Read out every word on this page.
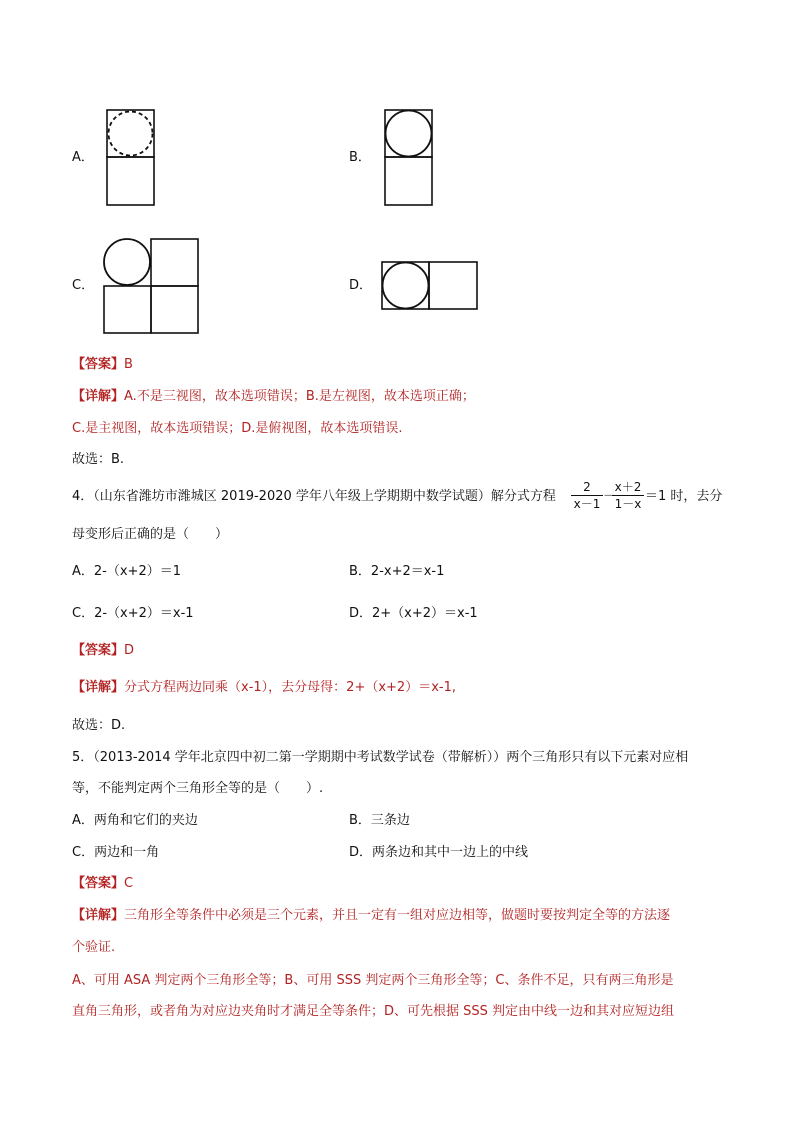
A．	B．
C．	D．
【答案】B
【详解】A.不是三视图，故本选项错误；B.是左视图，故本选项正确；
C.是主视图，故本选项错误；D.是俯视图，故本选项错误.
故选：B.
4．（山东省潍坊市潍城区 2019-2020 学年八年级上学期期中数学试题）解分式方程
2
x－1 －
x＋2
1－x ＝1 时，去分
母变形后正确的是（　　）
A．2-（x+2）＝1	B．2-x+2＝x-1
C．2-（x+2）＝x-1	D．2+（x+2）＝x-1
【答案】D
【详解】分式方程两边同乘（x-1），去分母得：2+（x+2）＝x-1,
故选：D.
5．（2013-2014 学年北京四中初二第一学期期中考试数学试卷（带解析））两个三角形只有以下元素对应相
等，不能判定两个三角形全等的是（　　）.
A．两角和它们的夹边	B．三条边
C．两边和一角	D．两条边和其中一边上的中线
【答案】C
【详解】三角形全等条件中必须是三个元素，并且一定有一组对应边相等，做题时要按判定全等的方法逐
个验证.
A、可用 ASA 判定两个三角形全等；B、可用 SSS 判定两个三角形全等；C、条件不足，只有两三角形是
直角三角形，或者角为对应边夹角时才满足全等条件；D、可先根据 SSS 判定由中线一边和其对应短边组
